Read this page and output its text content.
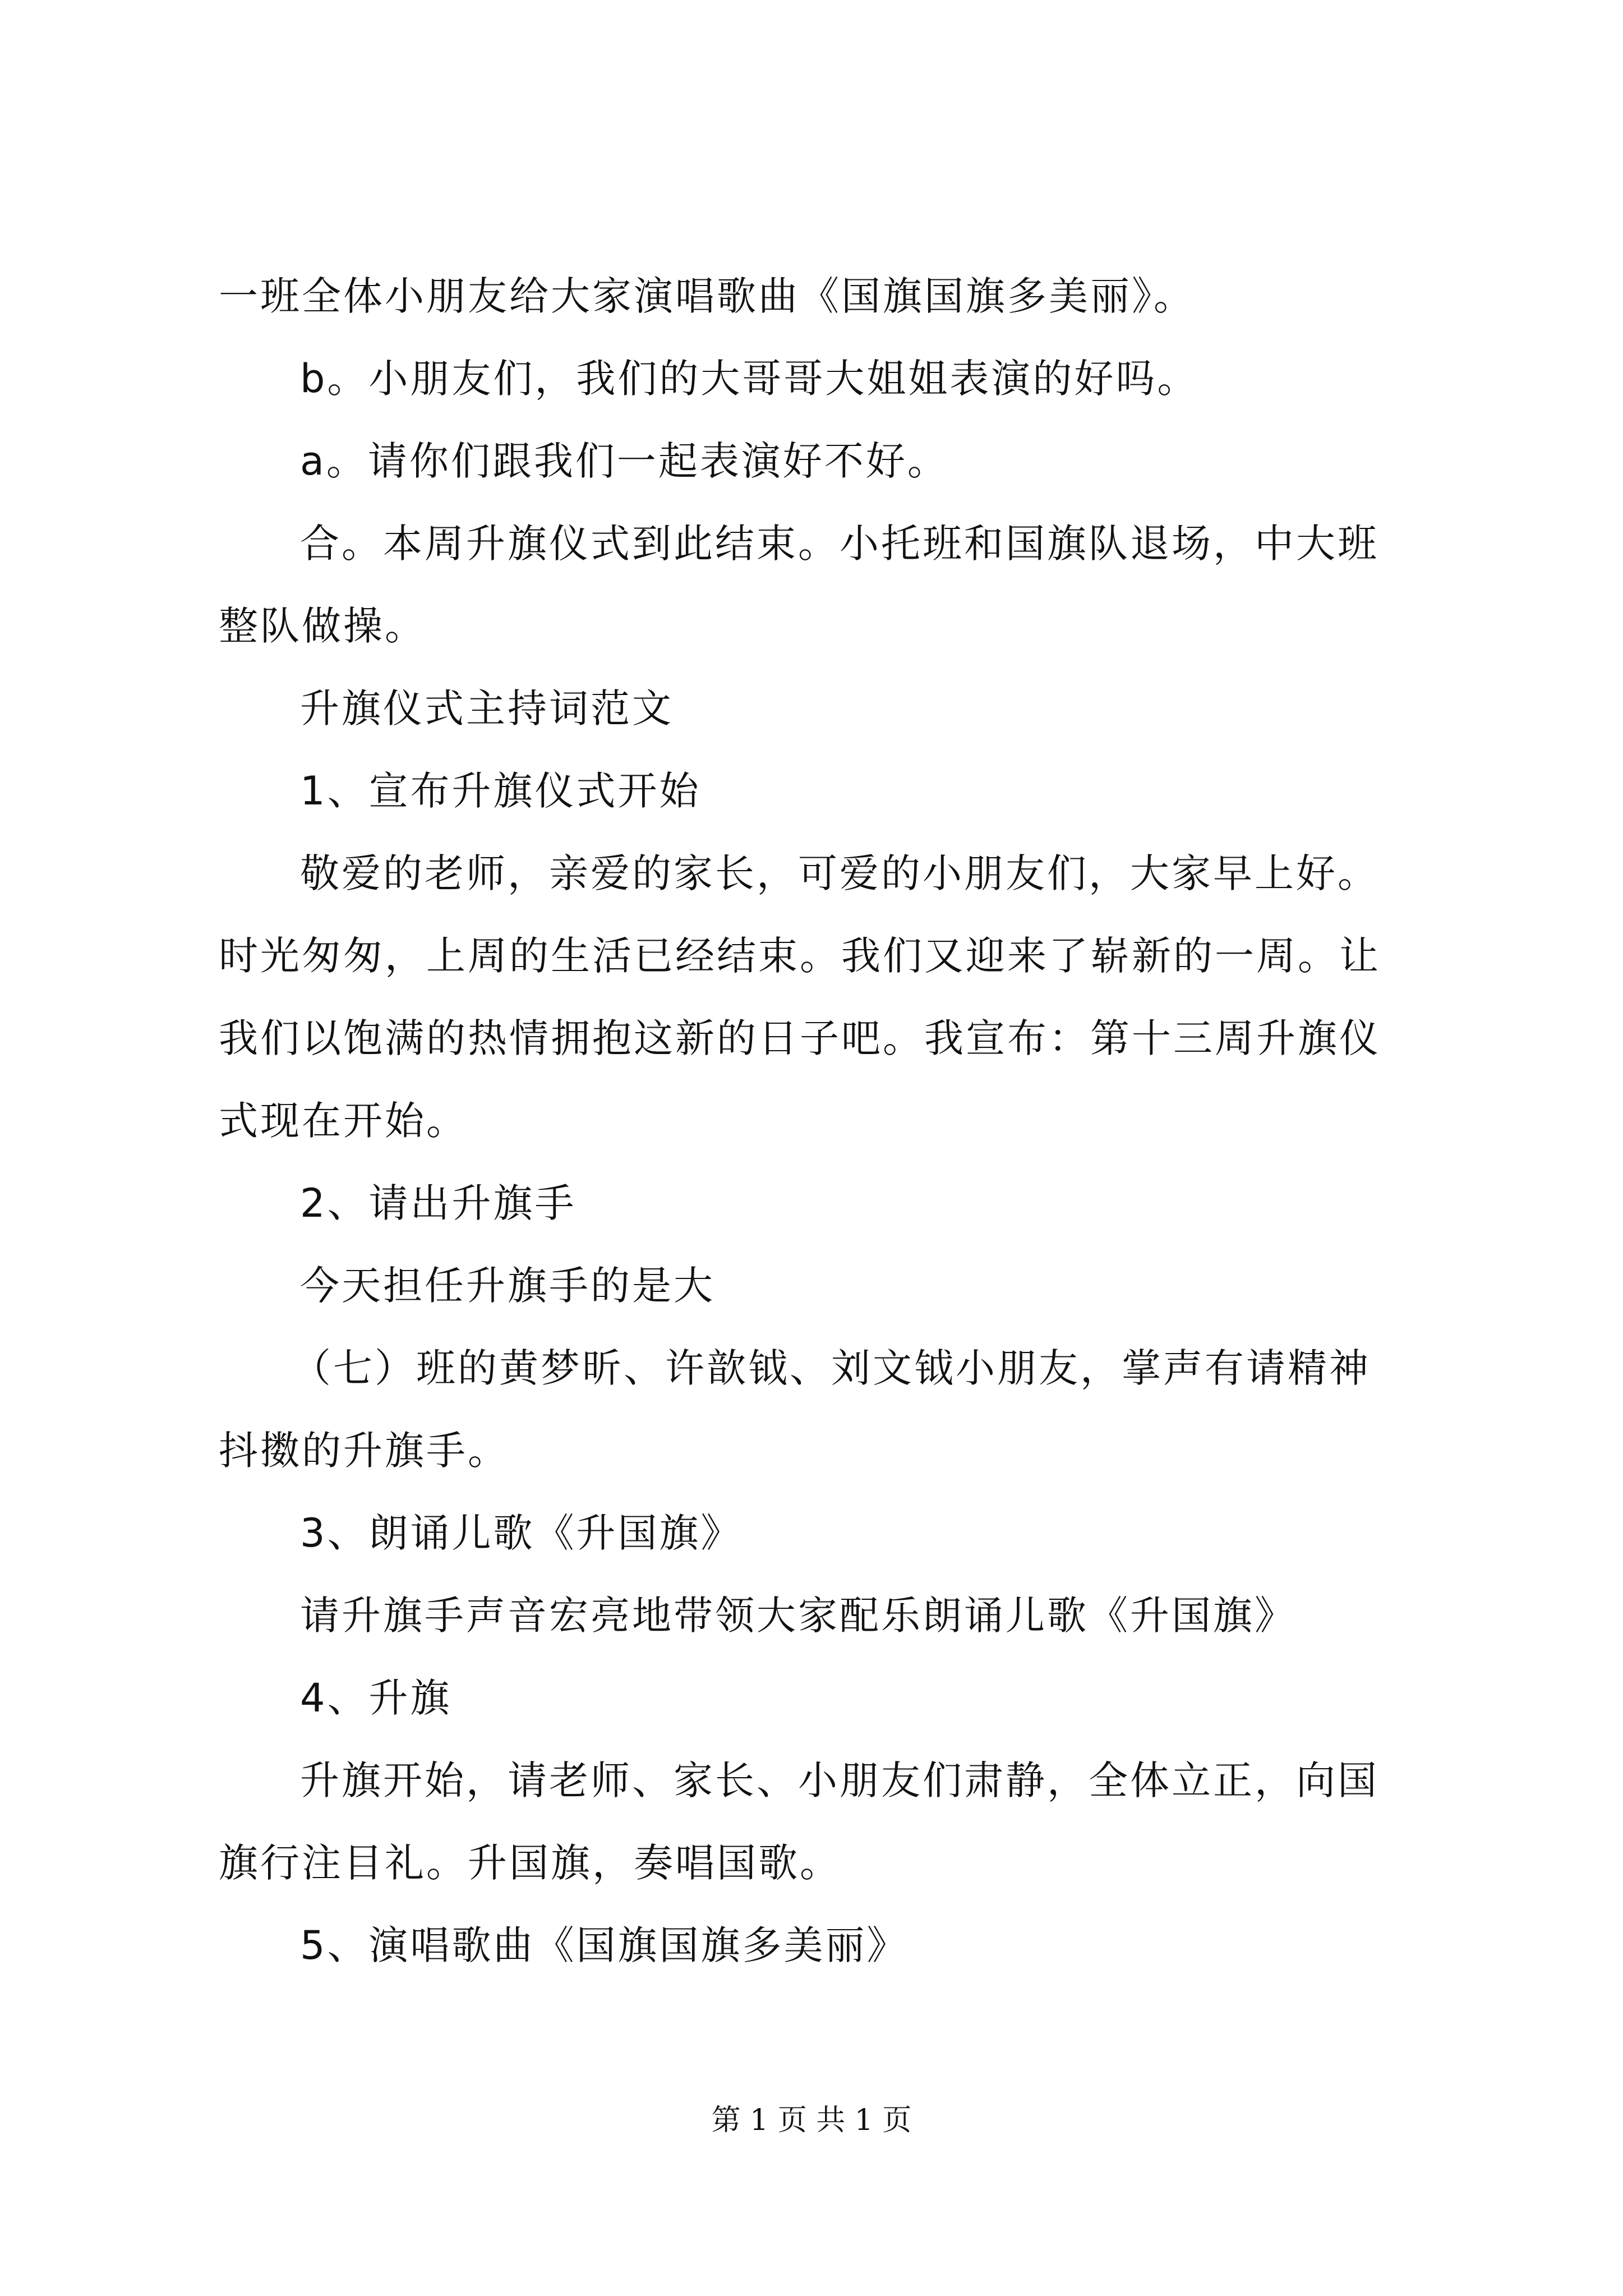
一班全体小朋友给大家演唱歌曲《国旗国旗多美丽》。
b。小朋友们，我们的大哥哥大姐姐表演的好吗。
a。请你们跟我们一起表演好不好。
合。本周升旗仪式到此结束。小托班和国旗队退场，中大班
整队做操。
升旗仪式主持词范文
1、宣布升旗仪式开始
敬爱的老师，亲爱的家长，可爱的小朋友们，大家早上好。
时光匆匆，上周的生活已经结束。我们又迎来了崭新的一周。让
我们以饱满的热情拥抱这新的日子吧。我宣布：第十三周升旗仪
式现在开始。
2、请出升旗手
今天担任升旗手的是大
（七）班的黄梦昕、许歆钺、刘文钺小朋友，掌声有请精神
抖擞的升旗手。
3、朗诵儿歌《升国旗》
请升旗手声音宏亮地带领大家配乐朗诵儿歌《升国旗》
4、升旗
升旗开始，请老师、家长、小朋友们肃静，全体立正，向国
旗行注目礼。升国旗，奏唱国歌。
5、演唱歌曲《国旗国旗多美丽》
第 1 页 共 1 页
